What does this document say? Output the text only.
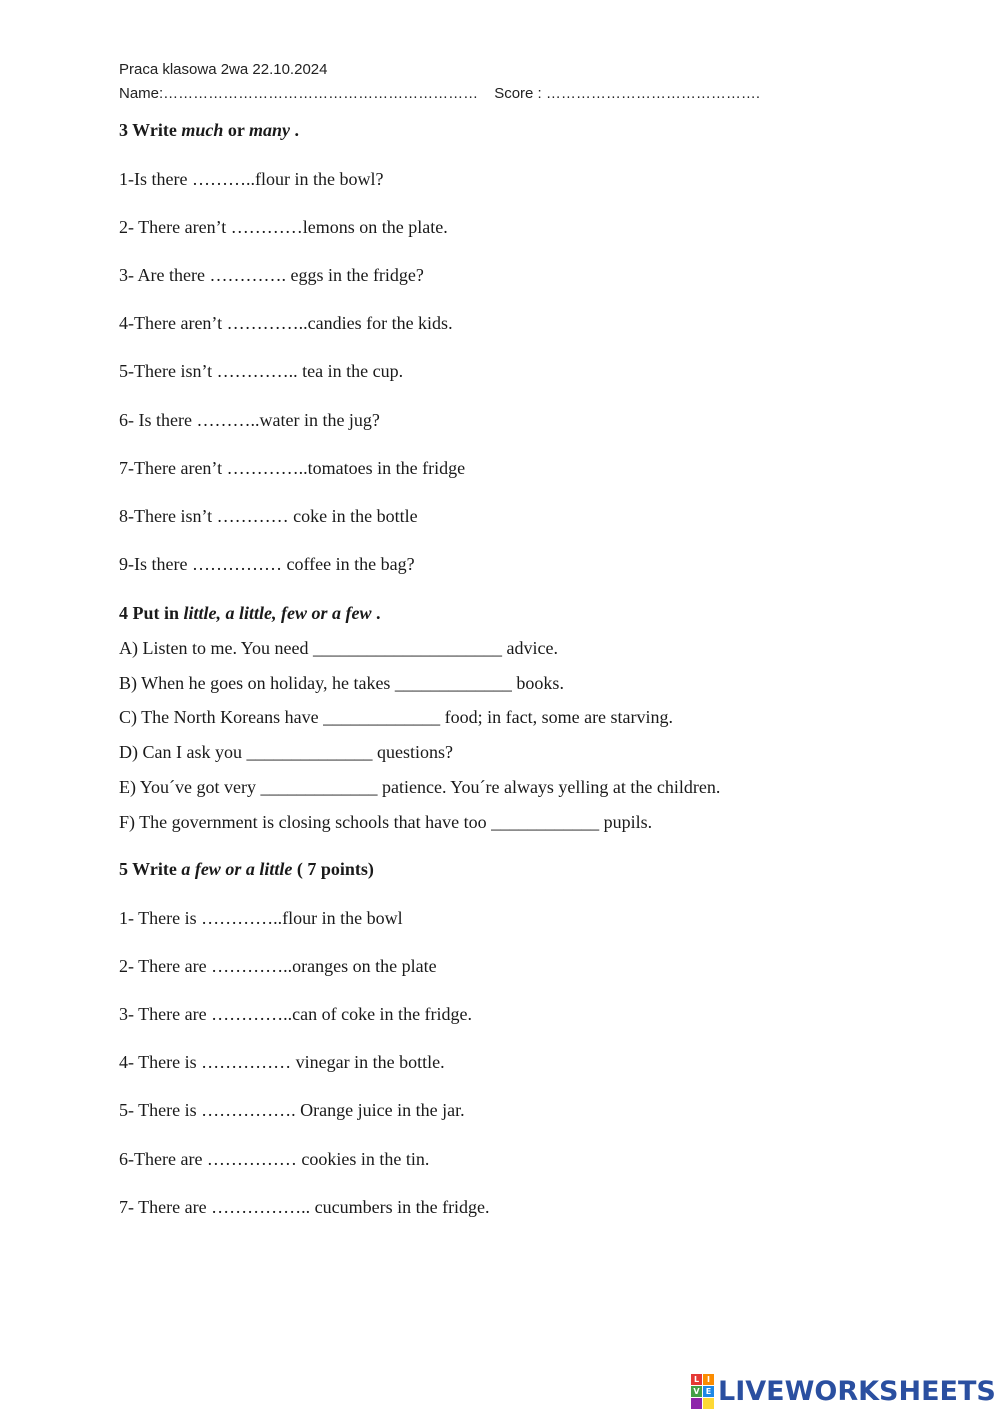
Praca klasowa 2wa 22.10.2024
Name:……………………………………………………… Score : …………………………………….
3 Write much or many .
1-Is there ………..flour in the bowl?
2- There aren’t …………lemons on the plate.
3- Are there …………. eggs in the fridge?
4-There aren’t …………..candies for the kids.
5-There isn’t ………….. tea in the cup.
6- Is there ………..water in the jug?
7-There aren’t …………..tomatoes in the fridge
8-There isn’t ………… coke in the bottle
9-Is there …………… coffee in the bag?
4 Put in little, a little, few or a few .
A) Listen to me. You need _____________________ advice.
B) When he goes on holiday, he takes _____________ books.
C) The North Koreans have _____________ food; in fact, some are starving.
D) Can I ask you ______________ questions?
E) You´ve got very _____________ patience. You´re always yelling at the children.
F) The government is closing schools that have too ____________ pupils.
5 Write a few or a little ( 7 points)
1- There is …………..flour in the bowl
2- There are …………..oranges on the plate
3- There are …………..can of coke in the fridge.
4- There is …………… vinegar in the bottle.
5- There is ……………. Orange juice in the jar.
6-There are …………… cookies in the tin.
7- There are …………….. cucumbers in the fridge.
L I
V E LIVEWORKSHEETS
